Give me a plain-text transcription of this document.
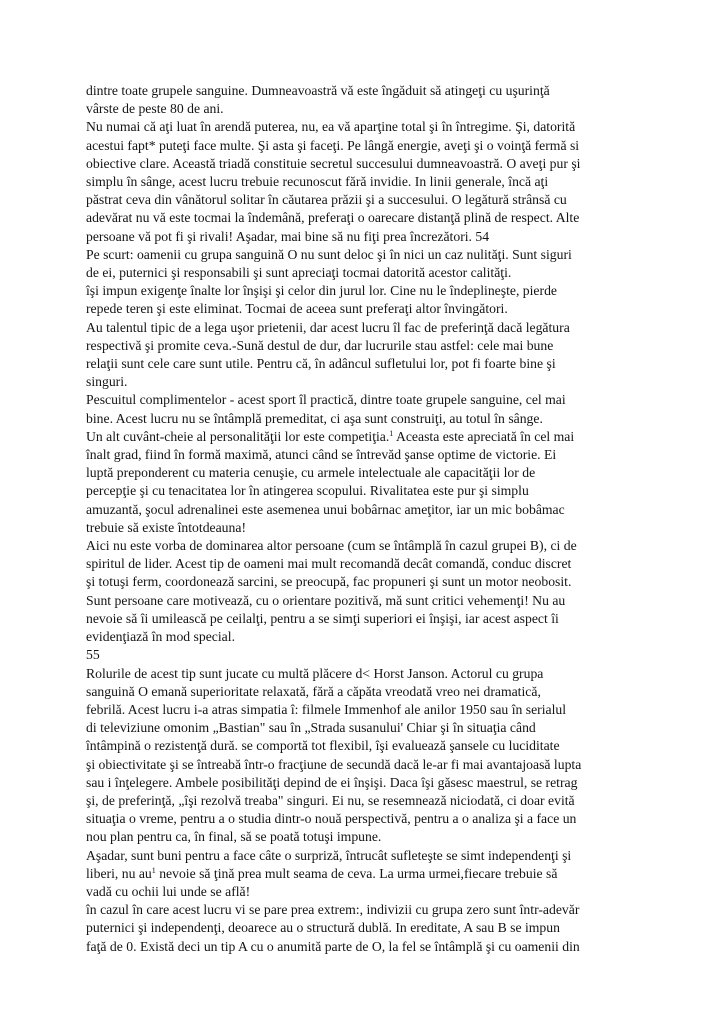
dintre toate grupele sanguine. Dumneavoastră vă este îngăduit să atingeţi cu uşurinţă
vârste de peste 80 de ani.
Nu numai că aţi luat în arendă puterea, nu, ea vă aparţine total şi în întregime. Şi, datorită
acestui fapt* puteţi face multe. Şi asta şi faceţi. Pe lângă energie, aveţi şi o voinţă fermă si
obiective clare. Această triadă constituie secretul succesului dumneavoastră. O aveţi pur şi
simplu în sânge, acest lucru trebuie recunoscut fără invidie. In linii generale, încă aţi
păstrat ceva din vânătorul solitar în căutarea prăzii şi a succesului. O legătură strânsă cu
adevărat nu vă este tocmai la îndemână, preferaţi o oarecare distanţă plină de respect. Alte
persoane vă pot fi şi rivali! Aşadar, mai bine să nu fiţi prea încrezători. 54
Pe scurt: oamenii cu grupa sanguină O nu sunt deloc şi în nici un caz nulităţi. Sunt siguri
de ei, puternici şi responsabili şi sunt apreciaţi tocmai datorită acestor calităţi.
îşi impun exigenţe înalte lor înşişi şi celor din jurul lor. Cine nu le îndeplineşte, pierde
repede teren şi este eliminat. Tocmai de aceea sunt preferaţi altor învingători.
Au talentul tipic de a lega uşor prietenii, dar acest lucru îl fac de preferinţă dacă legătura
respectivă şi promite ceva.-Sună destul de dur, dar lucrurile stau astfel: cele mai bune
relaţii sunt cele care sunt utile. Pentru că, în adâncul sufletului lor, pot fi foarte bine şi
singuri.
Pescuitul complimentelor - acest sport îl practică, dintre toate grupele sanguine, cel mai
bine. Acest lucru nu se întâmplă premeditat, ci aşa sunt construiţi, au totul în sânge.
Un alt cuvânt-cheie al personalităţii lor este competiţia.$^1$ Aceasta este apreciată în cel mai
înalt grad, fiind în formă maximă, atunci când se întrevăd şanse optime de victorie. Ei
luptă preponderent cu materia cenuşie, cu armele intelectuale ale capacităţii lor de
percepţie şi cu tenacitatea lor în atingerea scopului. Rivalitatea este pur şi simplu
amuzantă, şocul adrenalinei este asemenea unui bobârnac ameţitor, iar un mic bobâmac
trebuie să existe întotdeauna!
Aici nu este vorba de dominarea altor persoane (cum se întâmplă în cazul grupei B), ci de
spiritul de lider. Acest tip de oameni mai mult recomandă decât comandă, conduc discret
şi totuşi ferm, coordonează sarcini, se preocupă, fac propuneri şi sunt un motor neobosit.
Sunt persoane care motivează, cu o orientare pozitivă, mă sunt critici vehemenţi! Nu au
nevoie să îi umilească pe ceilalţi, pentru a se simţi superiori ei înşişi, iar acest aspect îi
evidenţiază în mod special.
55
Rolurile de acest tip sunt jucate cu multă plăcere d< Horst Janson. Actorul cu grupa
sanguină O emană superioritate relaxată, fără a căpăta vreodată vreo nei dramatică,
febrilă. Acest lucru i-a atras simpatia î: filmele Immenhof ale anilor 1950 sau în serialul
di televiziune omonim „Bastian" sau în „Strada susanului' Chiar şi în situaţia când
întâmpină o rezistenţă dură. se comportă tot flexibil, îşi evaluează şansele cu luciditate
şi obiectivitate şi se întreabă într-o fracţiune de secundă dacă le-ar fi mai avantajoasă lupta
sau i înţelegere. Ambele posibilităţi depind de ei înşişi. Daca îşi găsesc maestrul, se retrag
şi, de preferinţă, „îşi rezolvă treaba" singuri. Ei nu, se resemnează niciodată, ci doar evită
situaţia o vreme, pentru a o studia dintr-o nouă perspectivă, pentru a o analiza şi a face un
nou plan pentru ca, în final, să se poată totuşi impune.
Aşadar, sunt buni pentru a face câte o surpriză, întrucât sufleteşte se simt independenţi şi
liberi, nu $au^1$ nevoie să ţină prea mult seama de ceva. La urma urmei,fiecare trebuie să
vadă cu ochii lui unde se află!
în cazul în care acest lucru vi se pare prea extrem:, indivizii cu grupa zero sunt într-adevăr
puternici şi independenţi, deoarece au o structură dublă. In ereditate, A sau B se impun
faţă de 0. Există deci un tip A cu o anumită parte de O, la fel se întâmplă şi cu oamenii din
